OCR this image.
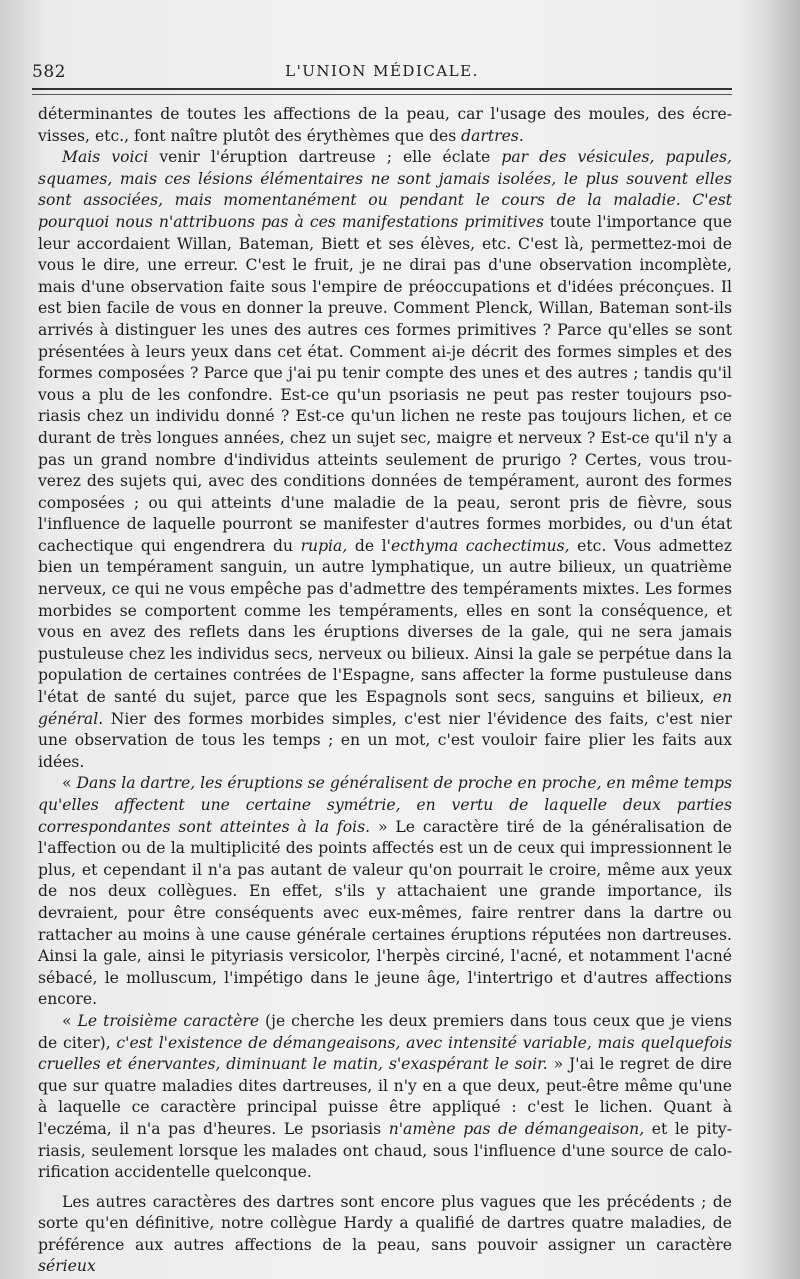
582	L'UNION MÉDICALE.

déterminantes de toutes les affections de la peau, car l'usage des moules, des écrevisses, etc., font naître plutôt des érythèmes que des dartres.

Mais voici venir l'éruption dartreuse ; elle éclate par des vésicules, papules, squames, mais ces lésions élémentaires ne sont jamais isolées, le plus souvent elles sont associées, mais momentanément ou pendant le cours de la maladie. C'est pourquoi nous n'attribuons pas à ces manifestations primitives toute l'importance que leur accordaient Willan, Bateman, Biett et ses élèves, etc. C'est là, permettez-moi de vous le dire, une erreur. C'est le fruit, je ne dirai pas d'une observation incomplète, mais d'une observation faite sous l'empire de préoccupations et d'idées préconçues. Il est bien facile de vous en donner la preuve. Comment Plenck, Willan, Bateman sont-ils arrivés à distinguer les unes des autres ces formes primitives ? Parce qu'elles se sont présentées à leurs yeux dans cet état. Comment ai-je décrit des formes simples et des formes composées ? Parce que j'ai pu tenir compte des unes et des autres ; tandis qu'il vous a plu de les confondre. Est-ce qu'un psoriasis ne peut pas rester toujours psoriasis chez un individu donné ? Est-ce qu'un lichen ne reste pas toujours lichen, et ce durant de très longues années, chez un sujet sec, maigre et nerveux ? Est-ce qu'il n'y a pas un grand nombre d'individus atteints seulement de prurigo ? Certes, vous trouverez des sujets qui, avec des conditions données de tempérament, auront des formes composées ; ou qui atteints d'une maladie de la peau, seront pris de fièvre, sous l'influence de laquelle pourront se manifester d'autres formes morbides, ou d'un état cachectique qui engendrera du rupia, de l'ecthyma cachectimus, etc. Vous admettez bien un tempérament sanguin, un autre lymphatique, un autre bilieux, un quatrième nerveux, ce qui ne vous empêche pas d'admettre des tempéraments mixtes. Les formes morbides se comportent comme les tempéraments, elles en sont la conséquence, et vous en avez des reflets dans les éruptions diverses de la gale, qui ne sera jamais pustuleuse chez les individus secs, nerveux ou bilieux. Ainsi la gale se perpétue dans la population de certaines contrées de l'Espagne, sans affecter la forme pustuleuse dans l'état de santé du sujet, parce que les Espagnols sont secs, sanguins et bilieux, en général. Nier des formes morbides simples, c'est nier l'évidence des faits, c'est nier une observation de tous les temps ; en un mot, c'est vouloir faire plier les faits aux idées.

« Dans la dartre, les éruptions se généralisent de proche en proche, en même temps qu'elles affectent une certaine symétrie, en vertu de laquelle deux parties correspondantes sont atteintes à la fois. » Le caractère tiré de la généralisation de l'affection ou de la multiplicité des points affectés est un de ceux qui impressionnent le plus, et cependant il n'a pas autant de valeur qu'on pourrait le croire, même aux yeux de nos deux collègues. En effet, s'ils y attachaient une grande importance, ils devraient, pour être conséquents avec eux-mêmes, faire rentrer dans la dartre ou rattacher au moins à une cause générale certaines éruptions réputées non dartreuses. Ainsi la gale, ainsi le pityriasis versicolor, l'herpès circiné, l'acné, et notamment l'acné sébacé, le molluscum, l'impétigo dans le jeune âge, l'intertrigo et d'autres affections encore.

« Le troisième caractère (je cherche les deux premiers dans tous ceux que je viens de citer), c'est l'existence de démangeaisons, avec intensité variable, mais quelquefois cruelles et énervantes, diminuant le matin, s'exaspérant le soir. » J'ai le regret de dire que sur quatre maladies dites dartreuses, il n'y en a que deux, peut-être même qu'une à laquelle ce caractère principal puisse être appliqué : c'est le lichen. Quant à l'eczéma, il n'a pas d'heures. Le psoriasis n'amène pas de démangeaison, et le pityriasis, seulement lorsque les malades ont chaud, sous l'influence d'une source de calorification accidentelle quelconque.

Les autres caractères des dartres sont encore plus vagues que les précédents ; de sorte qu'en définitive, notre collègue Hardy a qualifié de dartres quatre maladies, de préférence aux autres affections de la peau, sans pouvoir assigner un caractère sérieux
